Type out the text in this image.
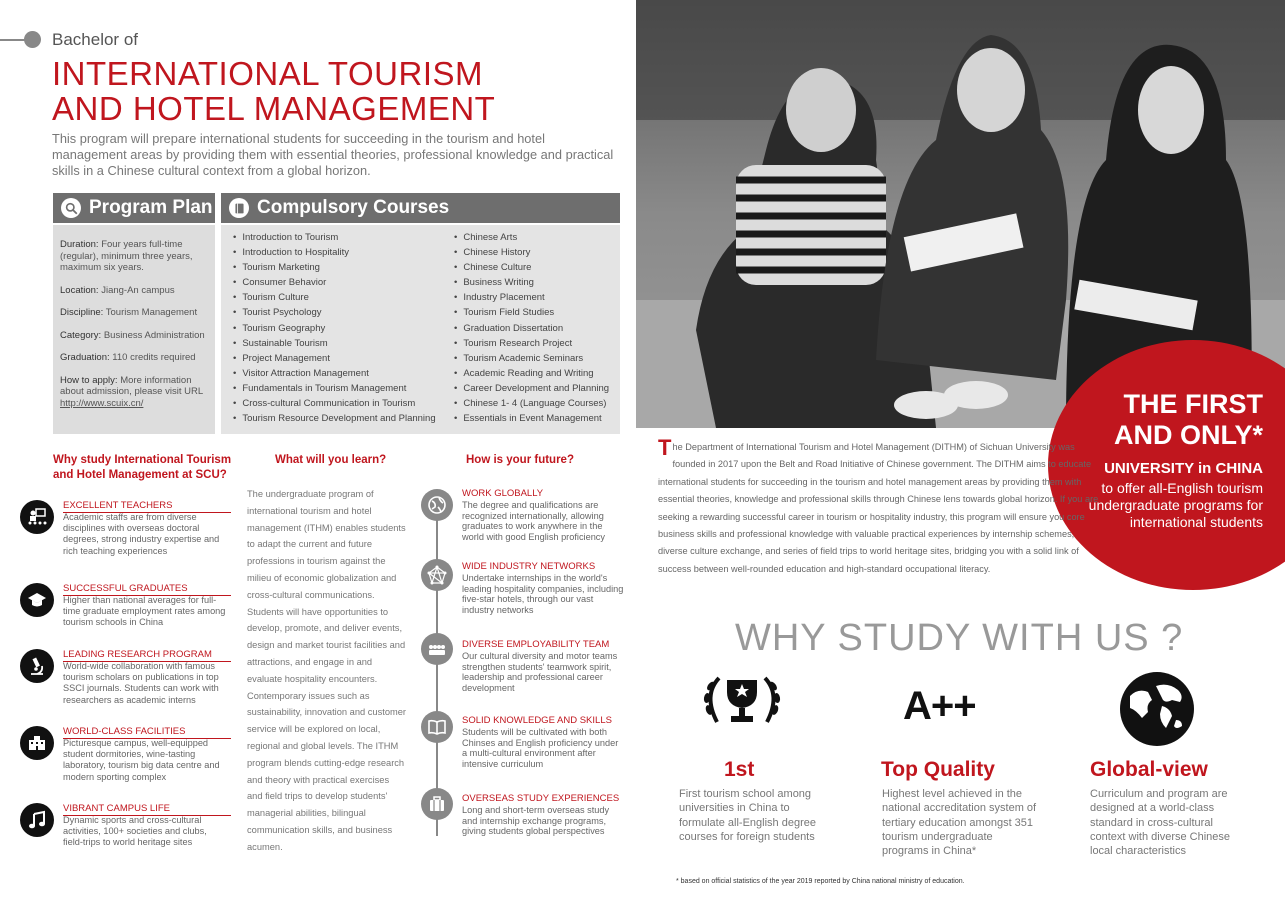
Bachelor of
INTERNATIONAL TOURISM
AND HOTEL MANAGEMENT
This program will prepare international students for succeeding in the tourism and hotel management areas by providing them with essential theories, professional knowledge and practical skills in a Chinese cultural context from a global horizon.
Program Plan Compulsory Courses

Duration: Four years full-time (regular), minimum three years, maximum six years.

Location: Jiang-An campus

Discipline: Tourism Management

Category: Business Administration

Graduation: 110 credits required

How to apply: More information about admission, please visit URL http://www.scuix.cn/

• Introduction to Tourism
• Introduction to Hospitality
• Tourism Marketing
• Consumer Behavior
• Tourism Culture
• Tourist Psychology
• Tourism Geography
• Sustainable Tourism
• Project Management
• Visitor Attraction Management
• Fundamentals in Tourism Management
• Cross-cultural Communication in Tourism
• Tourism Resource Development and Planning
• Chinese Arts
• Chinese History
• Chinese Culture
• Business Writing
• Industry Placement
• Tourism Field Studies
• Graduation Dissertation
• Tourism Research Project
• Tourism Academic Seminars
• Academic Reading and Writing
• Career Development and Planning
• Chinese 1- 4 (Language Courses)
• Essentials in Event Management
Why study International Tourism
and Hotel Management at SCU?
EXCELLENT TEACHERS
Academic staffs are from diverse disciplines with overseas doctoral degrees, strong industry expertise and rich teaching experiences
SUCCESSFUL GRADUATES
Higher than national averages for full-time graduate employment rates among tourism schools in China
LEADING RESEARCH PROGRAM
World-wide collaboration with famous tourism scholars on publications in top SSCI journals. Students can work with researchers as academic interns
WORLD-CLASS FACILITIES
Picturesque campus, well-equipped student dormitories, wine-tasting laboratory, tourism big data centre and modern sporting complex
VIBRANT CAMPUS LIFE
Dynamic sports and cross-cultural activities, 100+ societies and clubs, field-trips to world heritage sites
What will you learn?
The undergraduate program of international tourism and hotel management (ITHM) enables students to adapt the current and future professions in tourism against the milieu of economic globalization and cross-cultural communications. Students will have opportunities to develop, promote, and deliver events, design and market tourist facilities and attractions, and engage in and evaluate hospitality encounters. Contemporary issues such as sustainability, innovation and customer service will be explored on local, regional and global levels. The ITHM program blends cutting-edge research and theory with practical exercises and field trips to develop students' managerial abilities, bilingual communication skills, and business acumen.
How is your future?
WORK GLOBALLY
The degree and qualifications are recognized internationally, allowing graduates to work anywhere in the world with good English proficiency
WIDE INDUSTRY NETWORKS
Undertake internships in the world's leading hospitality companies, including five-star hotels, through our vast industry networks
DIVERSE EMPLOYABILITY TEAM
Our cultural diversity and motor teams strengthen students' teamwork spirit, leadership and professional career development
SOLID KNOWLEDGE AND SKILLS
Students will be cultivated with both Chinses and English proficiency under a multi-cultural environment after intensive curriculum
OVERSEAS STUDY EXPERIENCES
Long and short-term overseas study and internship exchange programs, giving students global perspectives
THE FIRST
AND ONLY*
UNIVERSITY in CHINA
to offer all-English tourism undergraduate programs for international students
The Department of International Tourism and Hotel Management (DITHM) of Sichuan University was founded in 2017 upon the Belt and Road Initiative of Chinese government. The DITHM aims to educate international students for succeeding in the tourism and hotel management areas by providing them with essential theories, knowledge and professional skills through Chinese lens towards global horizon. If you are seeking a rewarding successful career in tourism or hospitality industry, this program will ensure you core business skills and professional knowledge with valuable practical experiences by internship schemes, diverse culture exchange, and series of field trips to world heritage sites, bridging you with a solid link of success between well-rounded education and high-standard occupational literacy.
WHY STUDY WITH US ?
A++
1st	Top Quality	Global-view
First tourism school among universities in China to formulate all-English degree courses for foreign students
Highest level achieved in the national accreditation system of tertiary education amongst 351 tourism undergraduate programs in China*
Curriculum and program are designed at a world-class standard in cross-cultural context with diverse Chinese local characteristics
* based on official statistics of the year 2019 reported by China national ministry of education.
